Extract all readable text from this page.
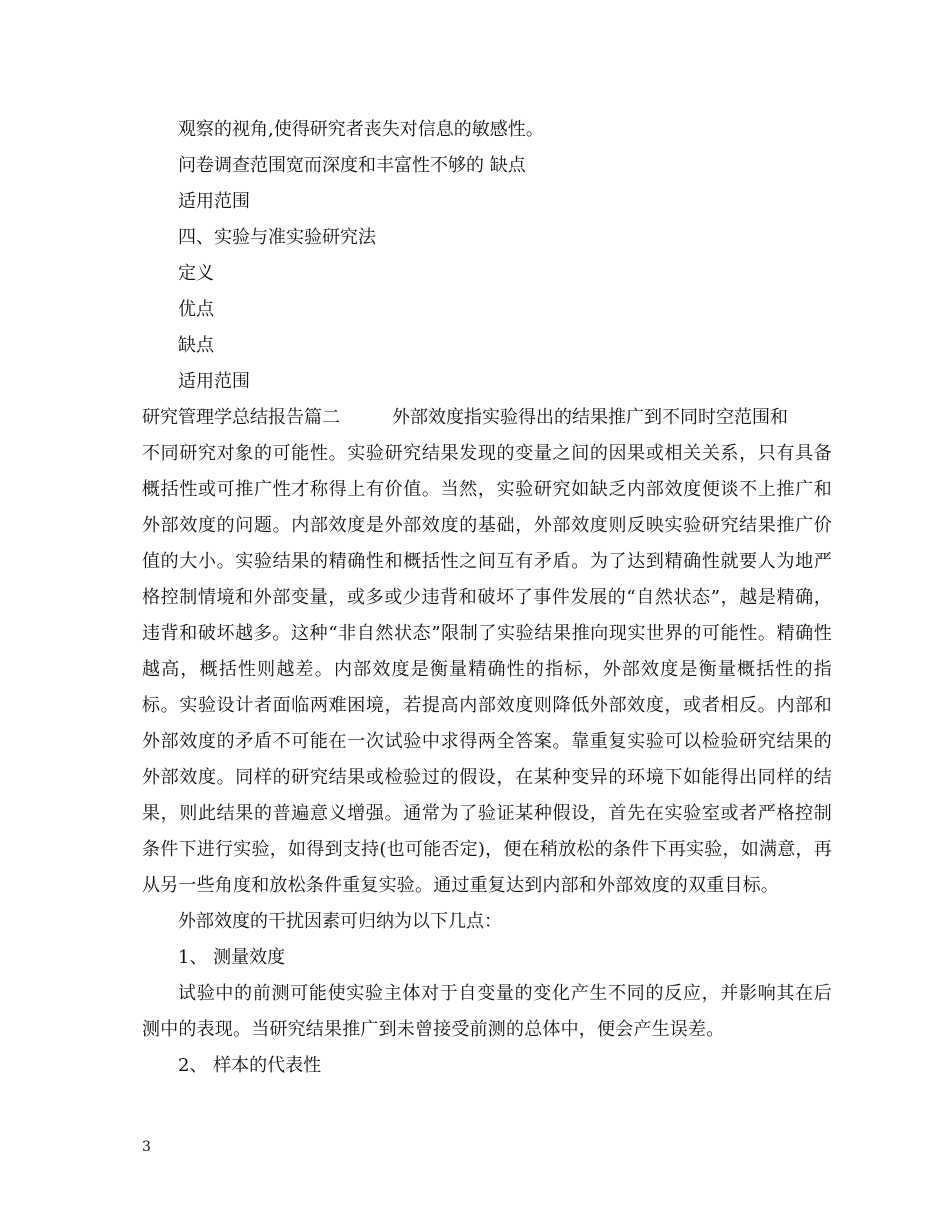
观察的视角,使得研究者丧失对信息的敏感性。
问卷调查范围宽而深度和丰富性不够的 缺点
适用范围
四、实验与准实验研究法
定义
优点
缺点
适用范围
研究管理学总结报告篇二	外部效度指实验得出的结果推广到不同时空范围和
不同研究对象的可能性。实验研究结果发现的变量之间的因果或相关关系，只有具备概括性或可推广性才称得上有价值。当然，实验研究如缺乏内部效度便谈不上推广和外部效度的问题。内部效度是外部效度的基础，外部效度则反映实验研究结果推广价值的大小。实验结果的精确性和概括性之间互有矛盾。为了达到精确性就要人为地严格控制情境和外部变量，或多或少违背和破坏了事件发展的“自然状态”，越是精确，违背和破坏越多。这种“非自然状态”限制了实验结果推向现实世界的可能性。精确性越高，概括性则越差。内部效度是衡量精确性的指标，外部效度是衡量概括性的指标。实验设计者面临两难困境，若提高内部效度则降低外部效度，或者相反。内部和外部效度的矛盾不可能在一次试验中求得两全答案。靠重复实验可以检验研究结果的外部效度。同样的研究结果或检验过的假设，在某种变异的环境下如能得出同样的结果，则此结果的普遍意义增强。通常为了验证某种假设，首先在实验室或者严格控制条件下进行实验，如得到支持(也可能否定)，便在稍放松的条件下再实验，如满意，再从另一些角度和放松条件重复实验。通过重复达到内部和外部效度的双重目标。
外部效度的干扰因素可归纳为以下几点：
1、 测量效度
试验中的前测可能使实验主体对于自变量的变化产生不同的反应，并影响其在后测中的表现。当研究结果推广到未曾接受前测的总体中，便会产生误差。
2、 样本的代表性
3
